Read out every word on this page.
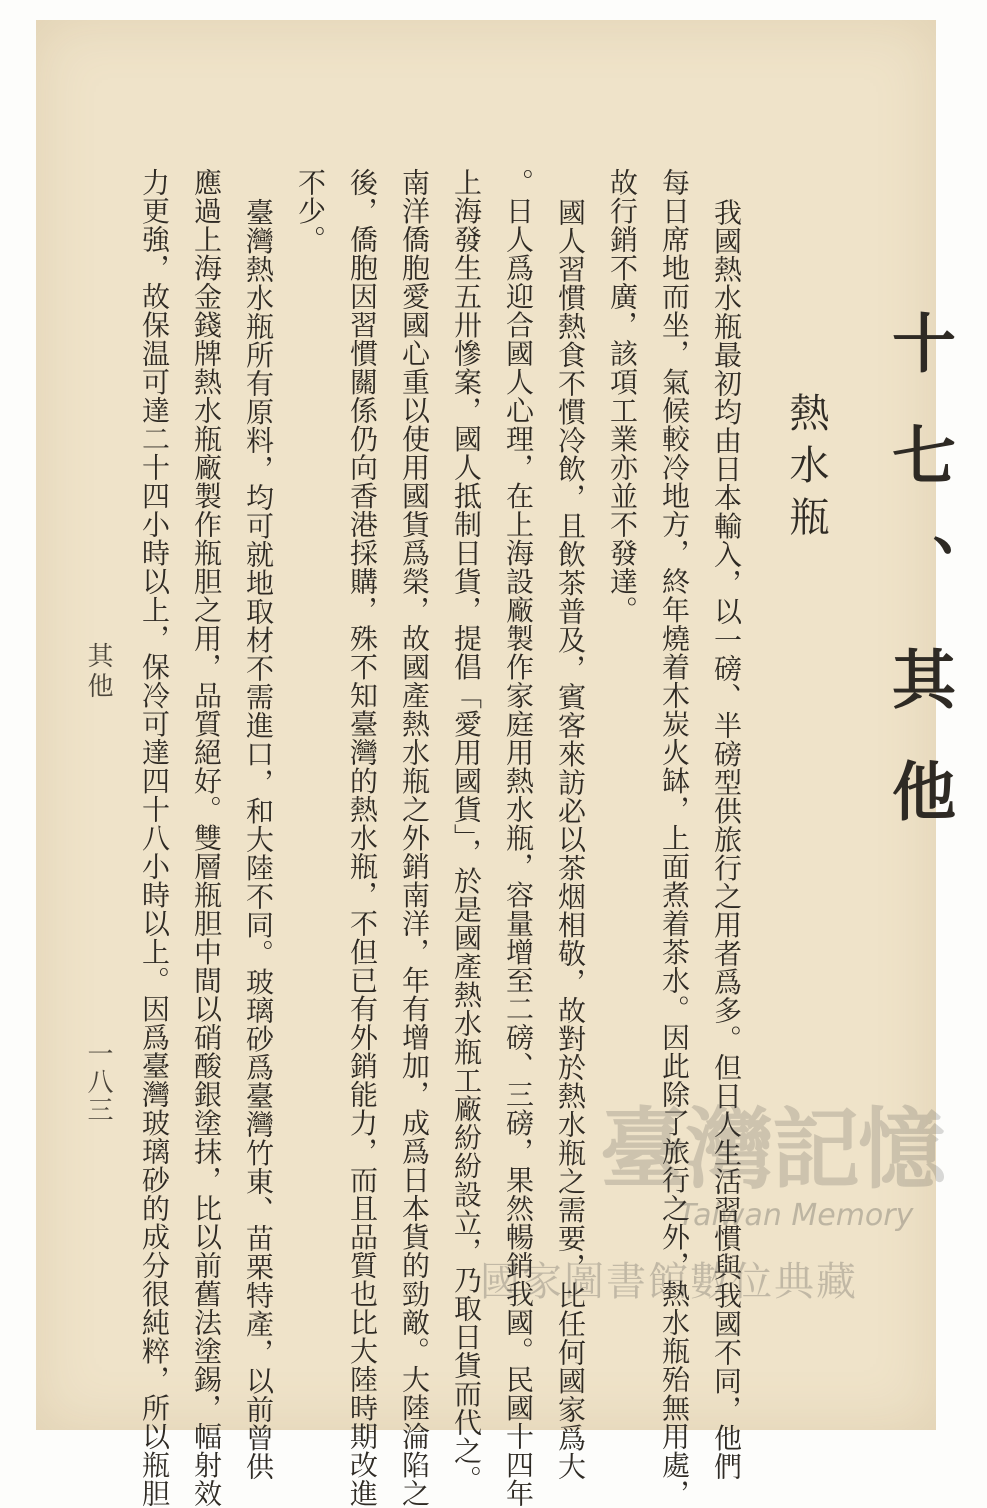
十七、其他
熱水瓶
我國熱水瓶最初均由日本輸入，以一磅、半磅型供旅行之用者爲多。但日人生活習慣與我國不同，他們
每日席地而坐，氣候較冷地方，終年燒着木炭火缽，上面煮着茶水。因此除了旅行之外，熱水瓶殆無用處，
故行銷不廣，該項工業亦並不發達。
國人習慣熱食不慣冷飲，且飲茶普及，賓客來訪必以茶烟相敬，故對於熱水瓶之需要，比任何國家爲大
。日人爲迎合國人心理，在上海設廠製作家庭用熱水瓶，容量增至二磅、三磅，果然暢銷我國。民國十四年
上海發生五卅慘案，國人抵制日貨，提倡「愛用國貨」，於是國產熱水瓶工廠紛紛設立，乃取日貨而代之。
南洋僑胞愛國心重以使用國貨爲榮，故國產熱水瓶之外銷南洋，年有增加，成爲日本貨的勁敵。大陸淪陷之
後，僑胞因習慣關係仍向香港採購，殊不知臺灣的熱水瓶，不但已有外銷能力，而且品質也比大陸時期改進
不少。
臺灣熱水瓶所有原料，均可就地取材不需進口，和大陸不同。玻璃砂爲臺灣竹東、苗栗特產，以前曾供
應過上海金錢牌熱水瓶廠製作瓶胆之用，品質絕好。雙層瓶胆中間以硝酸銀塗抹，比以前舊法塗錫，幅射效
力更強，故保温可達二十四小時以上，保冷可達四十八小時以上。因爲臺灣玻璃砂的成分很純粹，所以瓶胆
其他
一八三
臺灣記憶
Taiwan Memory
國家圖書館數位典藏
